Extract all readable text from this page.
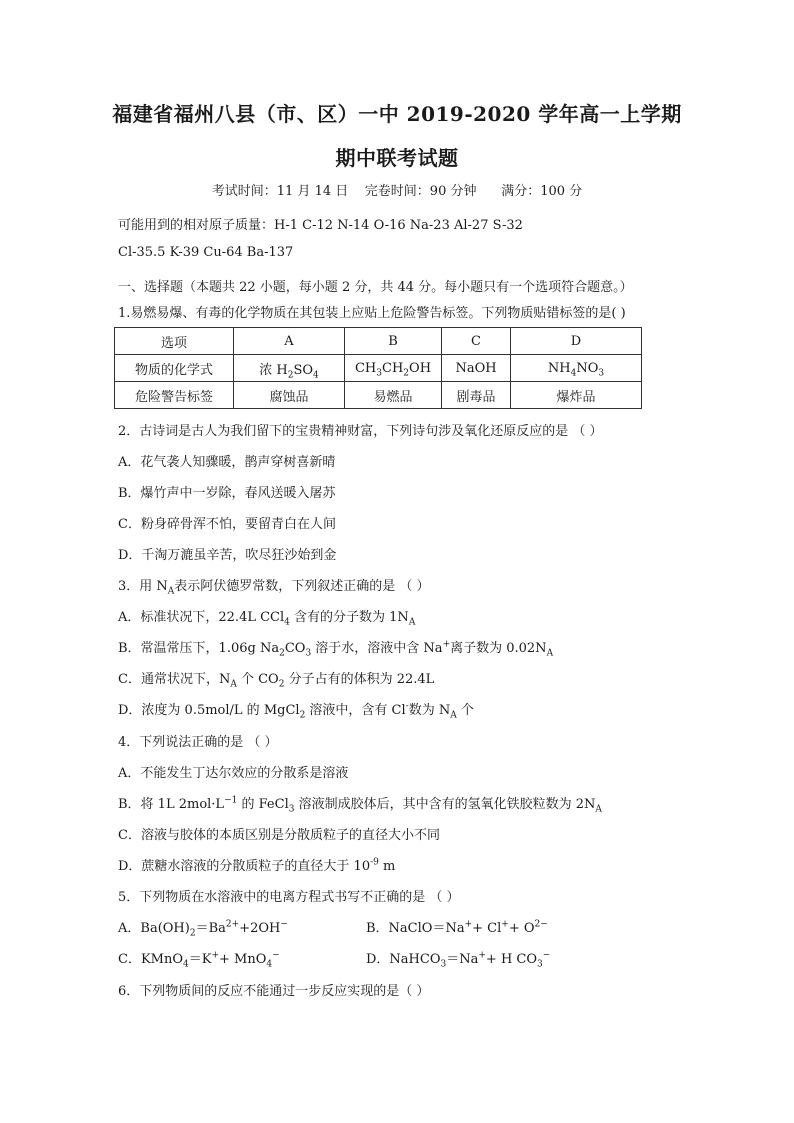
福建省福州八县（市、区）一中 2019-2020 学年高一上学期
期中联考试题
考试时间：11 月 14 日    完卷时间：90 分钟      满分：100 分
可能用到的相对原子质量：H-1 C-12 N-14 O-16 Na-23 Al-27 S-32
Cl-35.5 K-39 Cu-64 Ba-137
一、选择题（本题共 22 小题，每小题 2 分，共 44 分。每小题只有一个选项符合题意。）
1.易燃易爆、有毒的化学物质在其包装上应贴上危险警告标签。下列物质贴错标签的是( )
选项	A	B	C	D
物质的化学式	浓 $H_2SO_4$	$CH_3CH_2OH$	NaOH	$NH_4NO_3$
危险警告标签	腐蚀品	易燃品	剧毒品	爆炸品
2．古诗词是古人为我们留下的宝贵精神财富，下列诗句涉及氧化还原反应的是 （ ）
A．花气袭人知骤暖，鹊声穿树喜新晴
B．爆竹声中一岁除，春风送暖入屠苏
C．粉身碎骨浑不怕，要留青白在人间
D．千淘万漉虽辛苦，吹尽狂沙始到金
3．用 $N_A$表示阿伏德罗常数，下列叙述正确的是 （ ）
A．标准状况下，22.4L CCl$_4$ 含有的分子数为 $1N_A$
B．常温常压下，1.06g $Na_2CO_3$ 溶于水，溶液中含 Na+离子数为 $0.02N_A$
C．通常状况下，$N_A$ 个 $CO_2$ 分子占有的体积为 22.4L
D．浓度为 0.5mol/L 的 MgCl$_2$ 溶液中，含有 Cl-数为 $N_A$ 个
4．下列说法正确的是 （ ）
A．不能发生丁达尔效应的分散系是溶液
B．将 1L $2mol\cdot L^{-1}$ 的 FeCl$_3$ 溶液制成胶体后，其中含有的氢氧化铁胶粒数为 $2N_A$
C．溶液与胶体的本质区别是分散质粒子的直径大小不同
D．蔗糖水溶液的分散质粒子的直径大于 $10^{-9}$ m
5．下列物质在水溶液中的电离方程式书写不正确的是 （ ）
A．$Ba(OH)_2=Ba^{2+}+2OH^-$	B．NaClO＝Na++ $Cl^++ O^{2-}$
C．KMnO$_4$＝K++ MnO$_4$−	D．NaHCO$_3$＝Na++ H $CO_3^-$
6．下列物质间的反应不能通过一步反应实现的是（ ）
